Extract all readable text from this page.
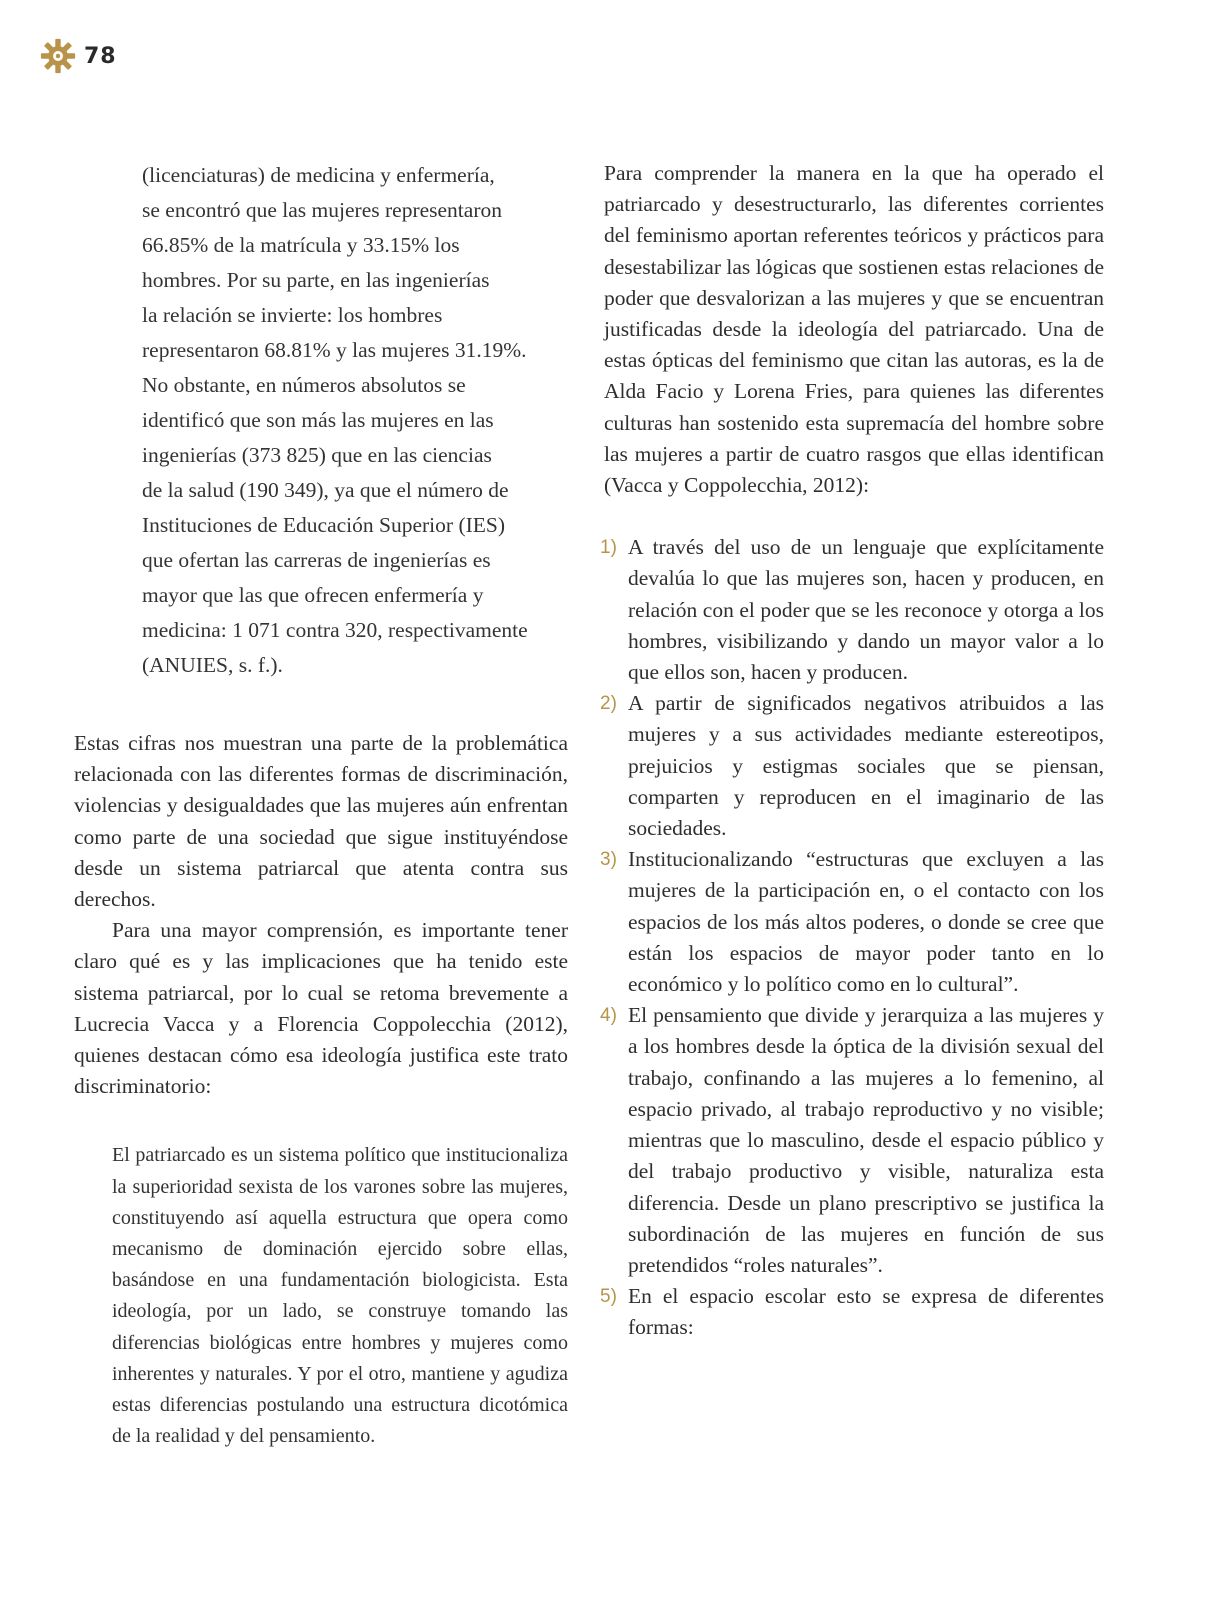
78

(licenciaturas) de medicina y enfermería,

se encontró que las mujeres representaron

66.85% de la matrícula y 33.15% los

hombres. Por su parte, en las ingenierías

la relación se invierte: los hombres

representaron 68.81% y las mujeres 31.19%.

No obstante, en números absolutos se

identificó que son más las mujeres en las

ingenierías (373 825) que en las ciencias

de la salud (190 349), ya que el número de

Instituciones de Educación Superior (IES)

que ofertan las carreras de ingenierías es

mayor que las que ofrecen enfermería y

medicina: 1 071 contra 320, respectivamente

(ANUIES, s. f.).

Estas cifras nos muestran una parte de la problemática relacionada con las diferentes formas de discriminación, violencias y desigualdades que las mujeres aún enfrentan como parte de una sociedad que sigue instituyéndose desde un sistema patriarcal que atenta contra sus derechos.

Para una mayor comprensión, es importante tener claro qué es y las implicaciones que ha tenido este sistema patriarcal, por lo cual se retoma brevemente a Lucrecia Vacca y a Florencia Coppolecchia (2012), quienes destacan cómo esa ideología justifica este trato discriminatorio:

El patriarcado es un sistema político que institucionaliza la superioridad sexista de los varones sobre las mujeres, constituyendo así aquella estructura que opera como mecanismo de dominación ejercido sobre ellas, basándose en una fundamentación biologicista. Esta ideología, por un lado, se construye tomando las diferencias biológicas entre hombres y mujeres como inherentes y naturales. Y por el otro, mantiene y agudiza estas diferencias postulando una estructura dicotómica de la realidad y del pensamiento.

Para comprender la manera en la que ha operado el patriarcado y desestructurarlo, las diferentes corrientes del feminismo aportan referentes teóricos y prácticos para desestabilizar las lógicas que sostienen estas relaciones de poder que desvalorizan a las mujeres y que se encuentran justificadas desde la ideología del patriarcado. Una de estas ópticas del feminismo que citan las autoras, es la de Alda Facio y Lorena Fries, para quienes las diferentes culturas han sostenido esta supremacía del hombre sobre las mujeres a partir de cuatro rasgos que ellas identifican (Vacca y Coppolecchia, 2012):

1) A través del uso de un lenguaje que explícitamente devalúa lo que las mujeres son, hacen y producen, en relación con el poder que se les reconoce y otorga a los hombres, visibilizando y dando un mayor valor a lo que ellos son, hacen y producen.
2) A partir de significados negativos atribuidos a las mujeres y a sus actividades mediante estereotipos, prejuicios y estigmas sociales que se piensan, comparten y reproducen en el imaginario de las sociedades.
3) Institucionalizando “estructuras que excluyen a las mujeres de la participación en, o el contacto con los espacios de los más altos poderes, o donde se cree que están los espacios de mayor poder tanto en lo económico y lo político como en lo cultural”.
4) El pensamiento que divide y jerarquiza a las mujeres y a los hombres desde la óptica de la división sexual del trabajo, confinando a las mujeres a lo femenino, al espacio privado, al trabajo reproductivo y no visible; mientras que lo masculino, desde el espacio público y del trabajo productivo y visible, naturaliza esta diferencia. Desde un plano prescriptivo se justifica la subordinación de las mujeres en función de sus pretendidos “roles naturales”.
5) En el espacio escolar esto se expresa de diferentes formas:
